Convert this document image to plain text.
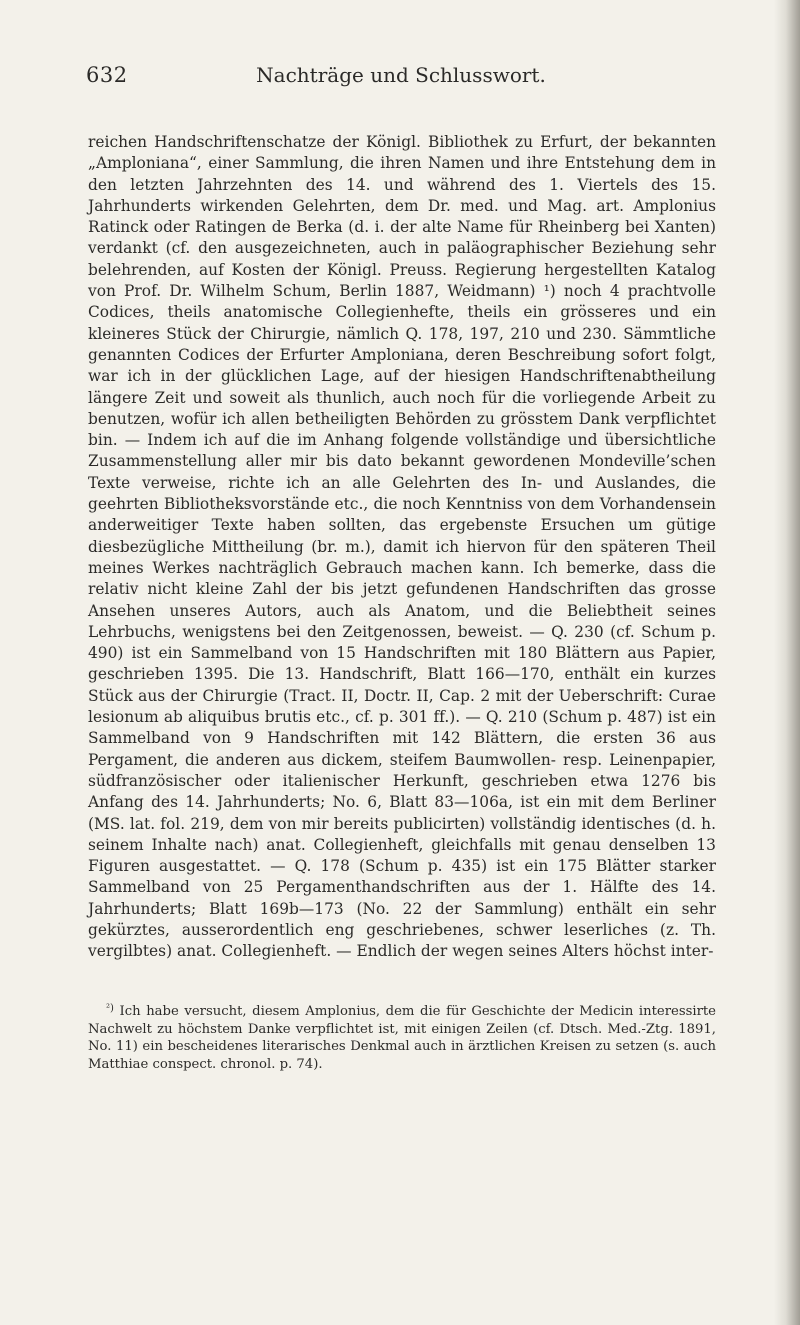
632	Nachträge und Schlusswort.

reichen Handschriftenschatze der Königl. Bibliothek zu Erfurt, der bekannten „Amploniana“, einer Sammlung, die ihren Namen und ihre Entstehung dem in den letzten Jahrzehnten des 14. und während des 1. Viertels des 15. Jahrhunderts wirkenden Gelehrten, dem Dr. med. und Mag. art. Amplonius Ratinck oder Ratingen de Berka (d. i. der alte Name für Rheinberg bei Xanten) verdankt (cf. den ausgezeichneten, auch in paläographischer Beziehung sehr belehrenden, auf Kosten der Königl. Preuss. Regierung hergestellten Katalog von Prof. Dr. Wilhelm Schum, Berlin 1887, Weidmann) ¹) noch 4 prachtvolle Codices, theils anatomische Collegienhefte, theils ein grösseres und ein kleineres Stück der Chirurgie, nämlich Q. 178, 197, 210 und 230. Sämmtliche genannten Codices der Erfurter Amploniana, deren Beschreibung sofort folgt, war ich in der glücklichen Lage, auf der hiesigen Handschriftenabtheilung längere Zeit und soweit als thunlich, auch noch für die vorliegende Arbeit zu benutzen, wofür ich allen betheiligten Behörden zu grösstem Dank verpflichtet bin. — Indem ich auf die im Anhang folgende vollständige und übersichtliche Zusammenstellung aller mir bis dato bekannt gewordenen Mondeville’schen Texte verweise, richte ich an alle Gelehrten des In- und Auslandes, die geehrten Bibliotheksvorstände etc., die noch Kenntniss von dem Vorhandensein anderweitiger Texte haben sollten, das ergebenste Ersuchen um gütige diesbezügliche Mittheilung (br. m.), damit ich hiervon für den späteren Theil meines Werkes nachträglich Gebrauch machen kann. Ich bemerke, dass die relativ nicht kleine Zahl der bis jetzt gefundenen Handschriften das grosse Ansehen unseres Autors, auch als Anatom, und die Beliebtheit seines Lehrbuchs, wenigstens bei den Zeitgenossen, beweist. — Q. 230 (cf. Schum p. 490) ist ein Sammelband von 15 Handschriften mit 180 Blättern aus Papier, geschrieben 1395. Die 13. Handschrift, Blatt 166—170, enthält ein kurzes Stück aus der Chirurgie (Tract. II, Doctr. II, Cap. 2 mit der Ueberschrift: Curae lesionum ab aliquibus brutis etc., cf. p. 301 ff.). — Q. 210 (Schum p. 487) ist ein Sammelband von 9 Handschriften mit 142 Blättern, die ersten 36 aus Pergament, die anderen aus dickem, steifem Baumwollen- resp. Leinenpapier, südfranzösischer oder italienischer Herkunft, geschrieben etwa 1276 bis Anfang des 14. Jahrhunderts; No. 6, Blatt 83—106a, ist ein mit dem Berliner (MS. lat. fol. 219, dem von mir bereits publicirten) vollständig identisches (d. h. seinem Inhalte nach) anat. Collegienheft, gleichfalls mit genau denselben 13 Figuren ausgestattet. — Q. 178 (Schum p. 435) ist ein 175 Blätter starker Sammelband von 25 Pergamenthandschriften aus der 1. Hälfte des 14. Jahrhunderts; Blatt 169b—173 (No. 22 der Sammlung) enthält ein sehr gekürztes, ausserordentlich eng geschriebenes, schwer leserliches (z. Th. vergilbtes) anat. Collegienheft. — Endlich der wegen seines Alters höchst inter-

$^{^2)}$ Ich habe versucht, diesem Amplonius, dem die für Geschichte der Medicin interessirte Nachwelt zu höchstem Danke verpflichtet ist, mit einigen Zeilen (cf. Dtsch. Med.-Ztg. 1891, No. 11) ein bescheidenes literarisches Denkmal auch in ärztlichen Kreisen zu setzen (s. auch Matthiae conspect. chronol. p. 74).
